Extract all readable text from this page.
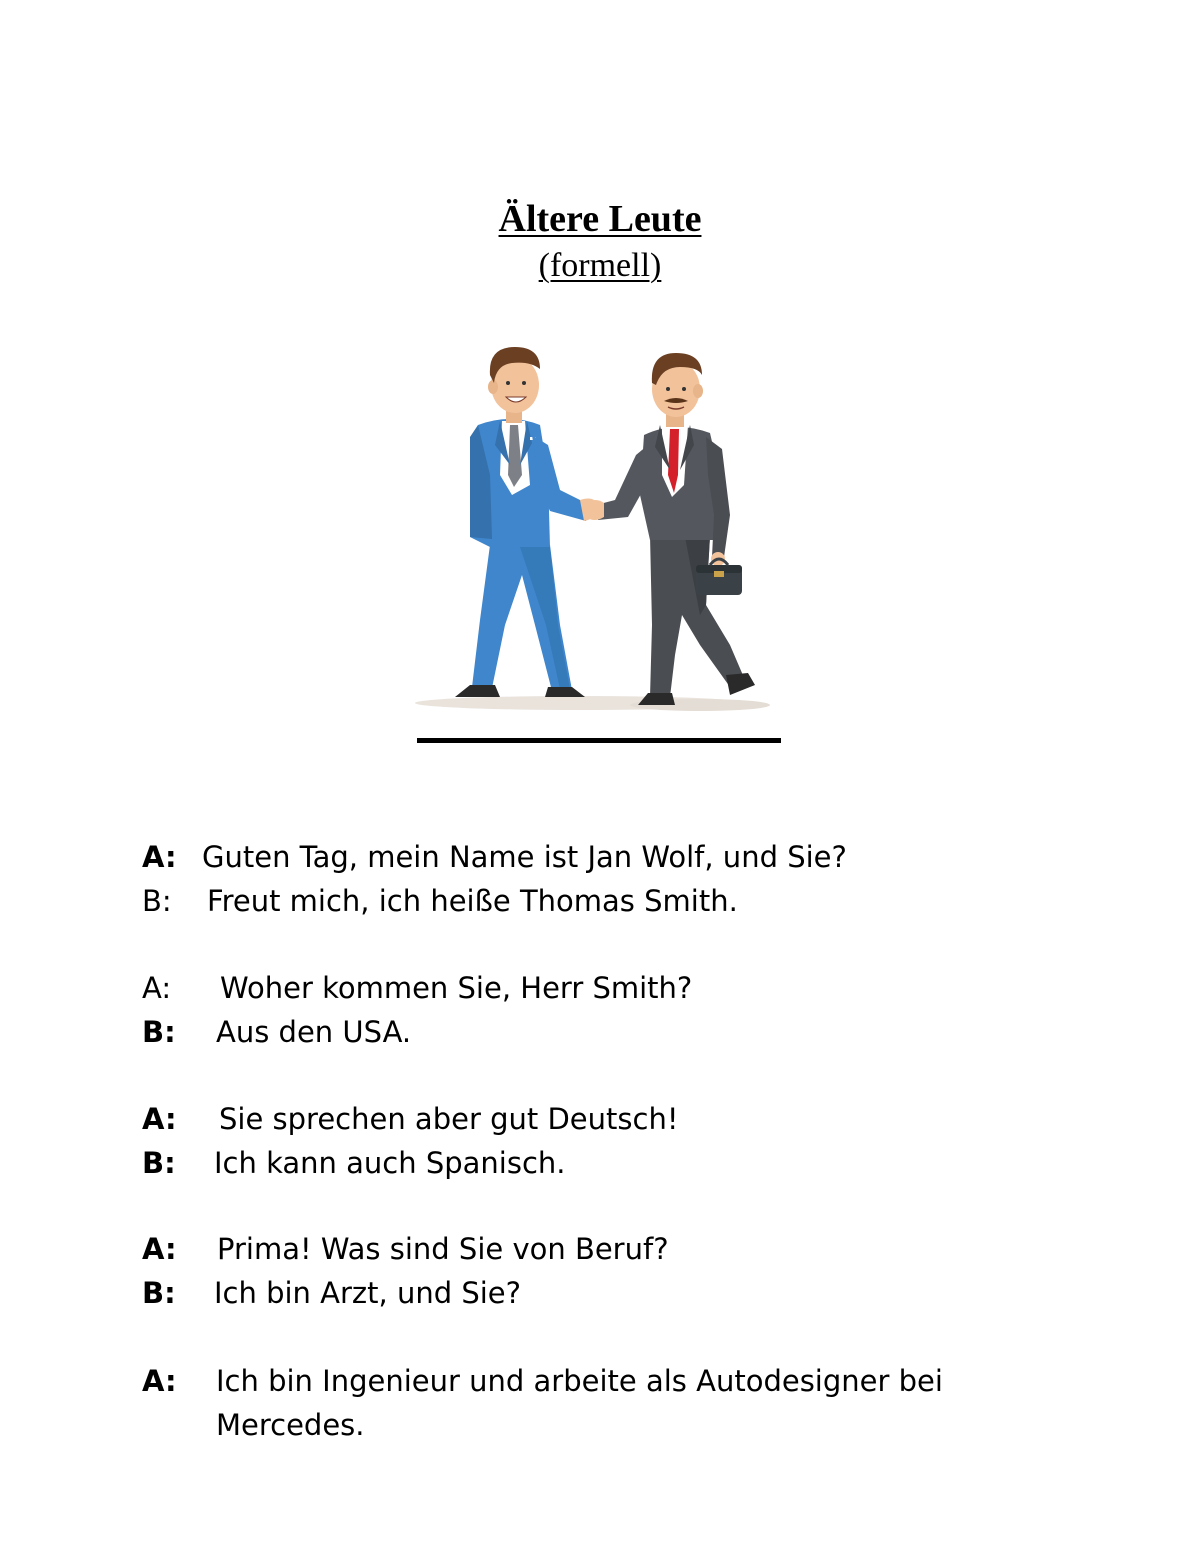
Ältere Leute
(formell)
A: Guten Tag, mein Name ist Jan Wolf, und Sie?
B: Freut mich, ich heiße Thomas Smith.
A: Woher kommen Sie, Herr Smith?
B: Aus den USA.
A: Sie sprechen aber gut Deutsch!
B: Ich kann auch Spanisch.
A: Prima! Was sind Sie von Beruf?
B: Ich bin Arzt, und Sie?
A: Ich bin Ingenieur und arbeite als Autodesigner bei
Mercedes.
